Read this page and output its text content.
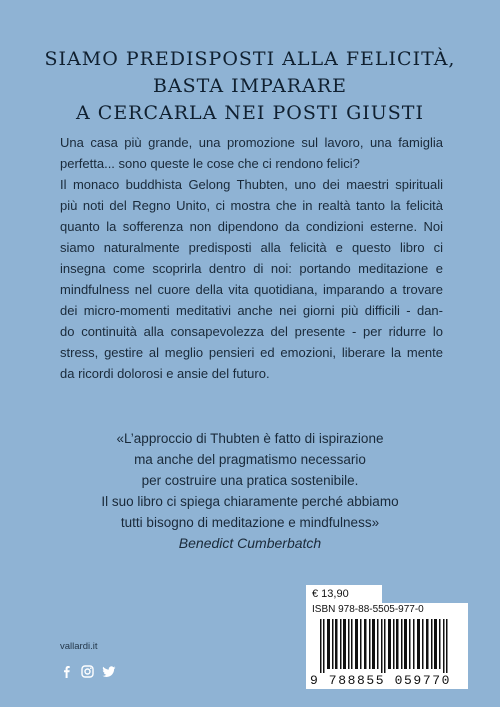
SIAMO PREDISPOSTI ALLA FELICITÀ,
BASTA IMPARARE
A CERCARLA NEI POSTI GIUSTI
Una casa più grande, una promozione sul lavoro, una famiglia
perfetta... sono queste le cose che ci rendono felici?
Il monaco buddhista Gelong Thubten, uno dei maestri spirituali
più noti del Regno Unito, ci mostra che in realtà tanto la felicità
quanto la sofferenza non dipendono da condizioni esterne. Noi
siamo naturalmente predisposti alla felicità e questo libro ci
insegna come scoprirla dentro di noi: portando meditazione e
mindfulness nel cuore della vita quotidiana, imparando a trovare
dei micro-momenti meditativi anche nei giorni più difficili - dan-
do continuità alla consapevolezza del presente - per ridurre lo
stress, gestire al meglio pensieri ed emozioni, liberare la mente
da ricordi dolorosi e ansie del futuro.
«L’approccio di Thubten è fatto di ispirazione
ma anche del pragmatismo necessario
per costruire una pratica sostenibile.
Il suo libro ci spiega chiaramente perché abbiamo
tutti bisogno di meditazione e mindfulness»
Benedict Cumberbatch
vallardi.it
€ 13,90
ISBN 978-88-5505-977-0
9 788855 059770
